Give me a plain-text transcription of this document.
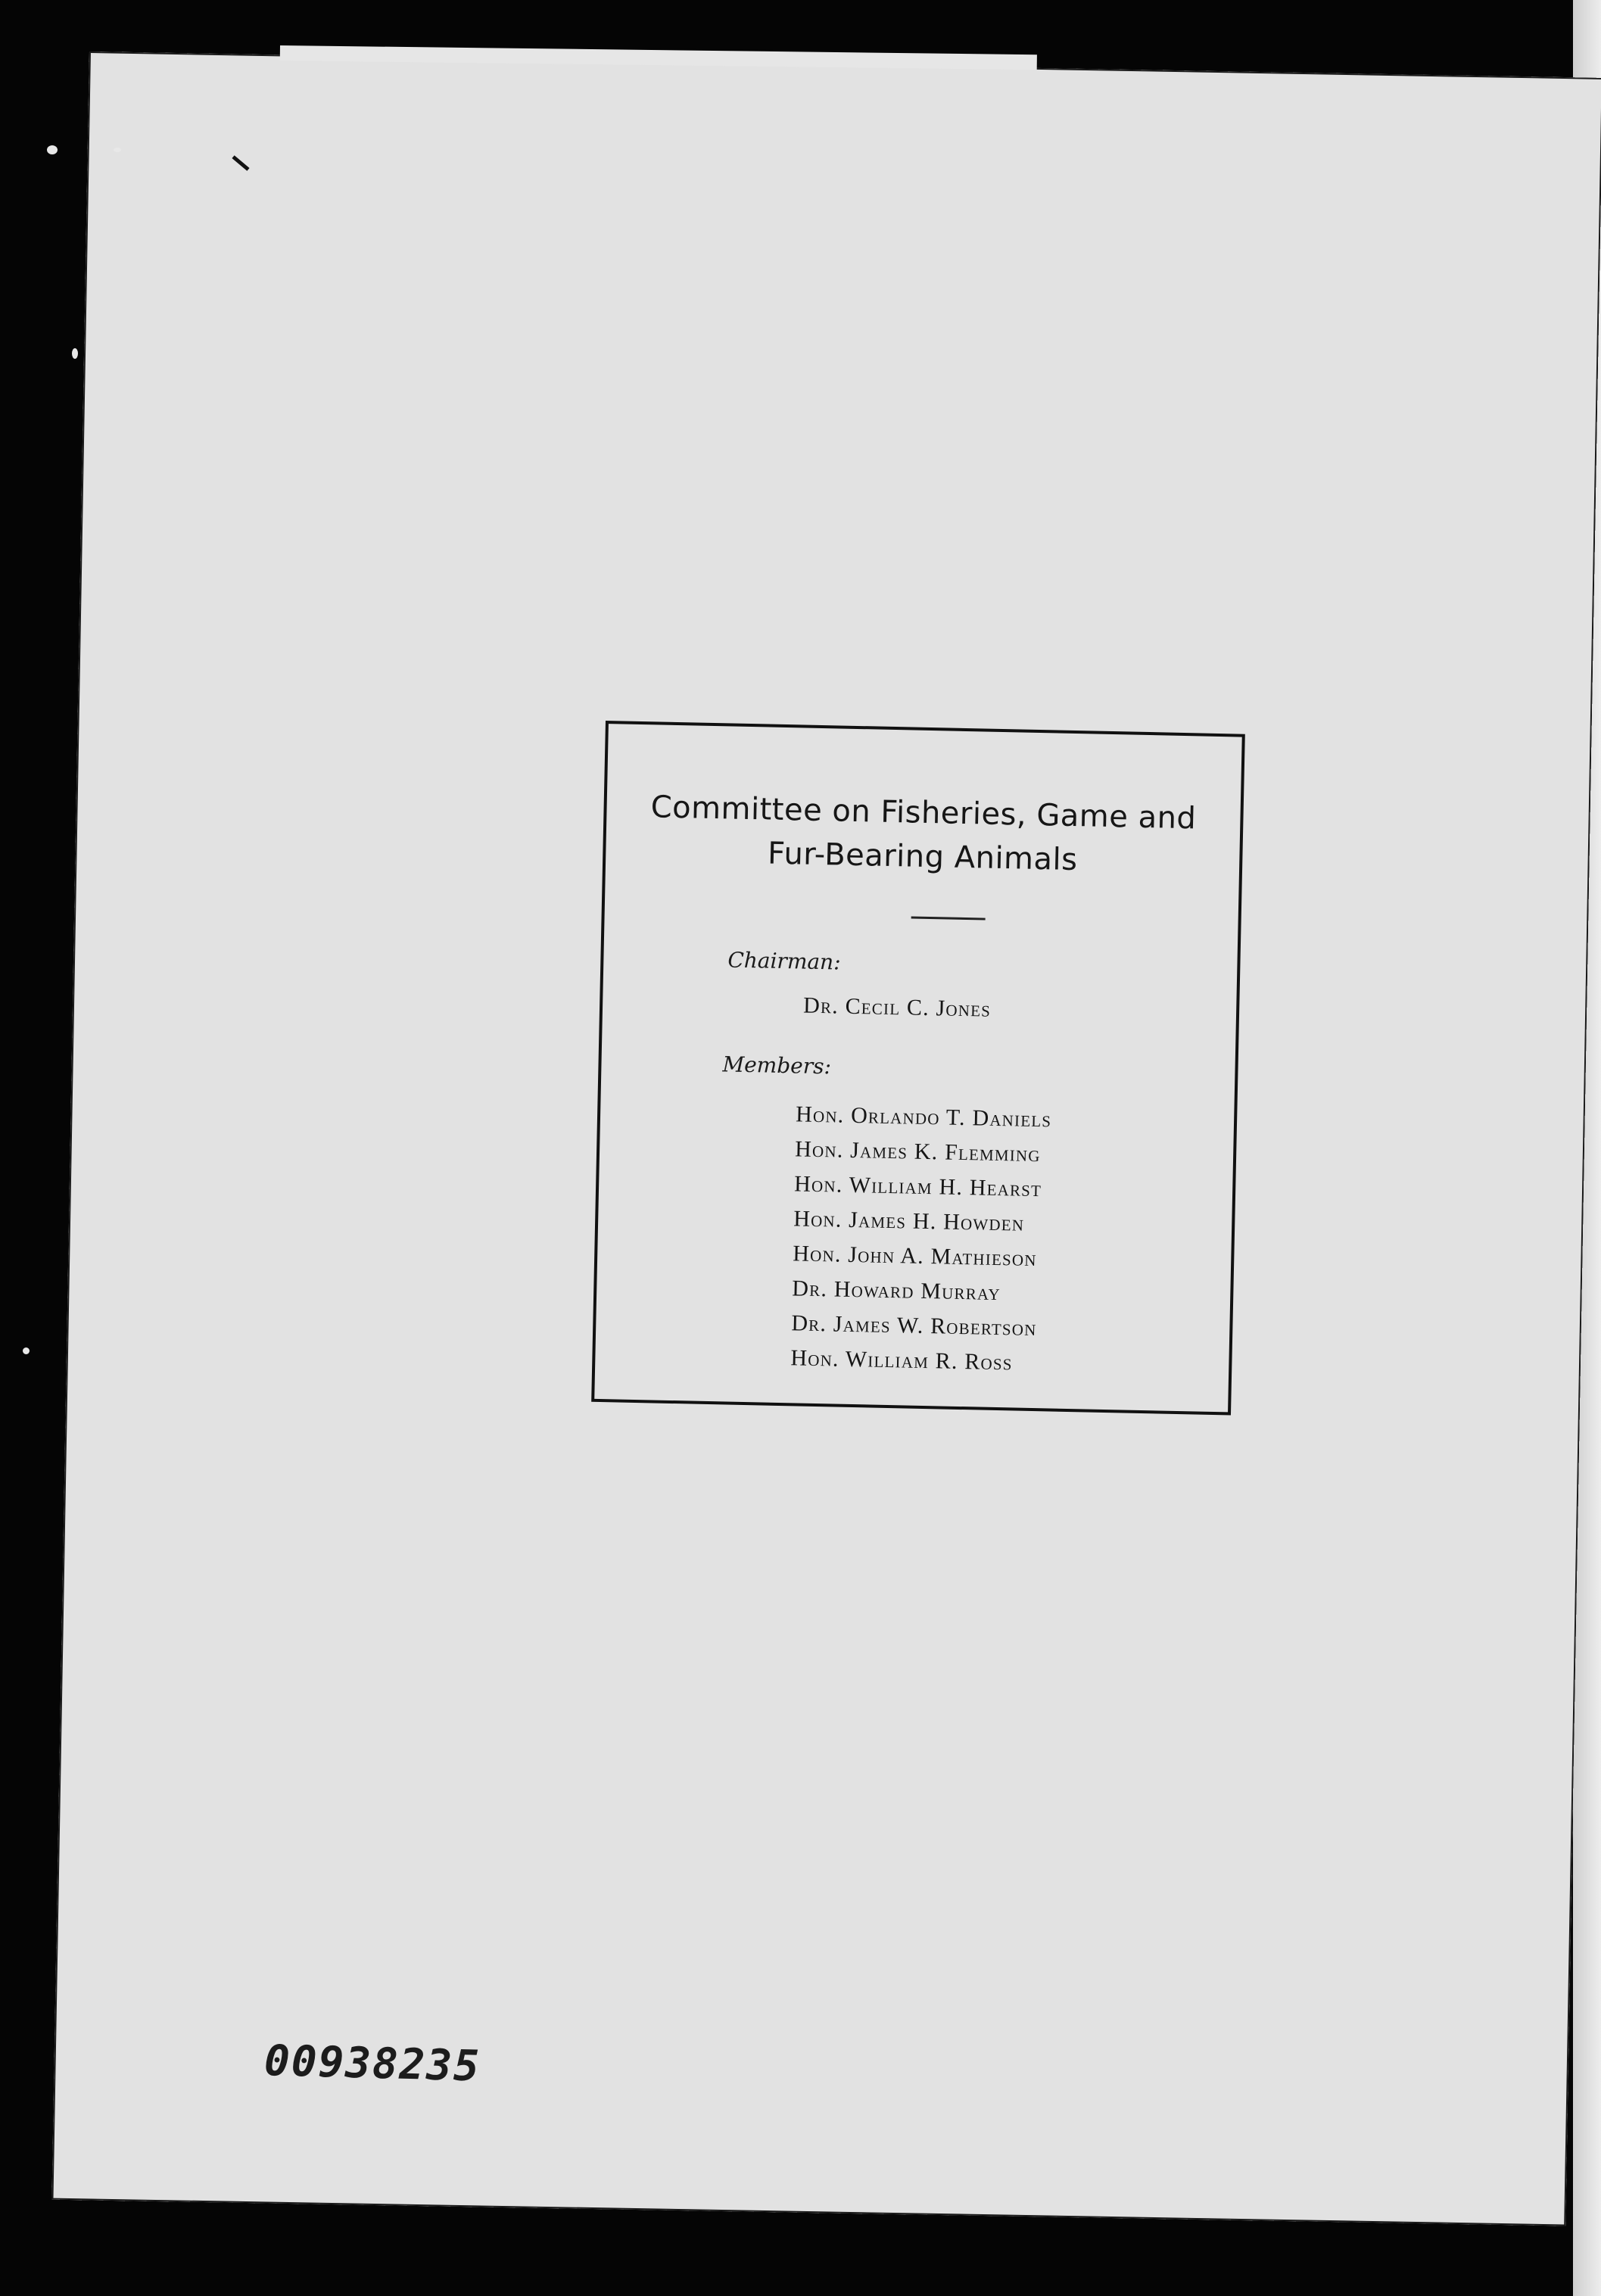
Committee on Fisheries, Game and
Fur-Bearing Animals
Chairman:
Dr. Cecil C. Jones
Members:
Hon. Orlando T. Daniels
Hon. James K. Flemming
Hon. William H. Hearst
Hon. James H. Howden
Hon. John A. Mathieson
Dr. Howard Murray
Dr. James W. Robertson
Hon. William R. Ross
00938235
